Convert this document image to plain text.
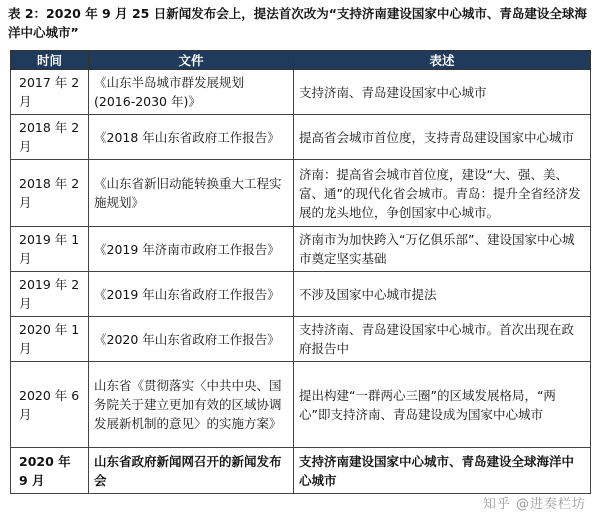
表 2：2020 年 9 月 25 日新闻发布会上，提法首次改为“支持济南建设国家中心城市、青岛建设全球海洋中心城市”
时间	文件	表述
2017 年 2 月	《山东半岛城市群发展规划 (2016-2030 年)》	支持济南、青岛建设国家中心城市
2018 年 2 月	《2018 年山东省政府工作报告》	提高省会城市首位度，支持青岛建设国家中心城市
2018 年 2 月	《山东省新旧动能转换重大工程实施规划》	济南：提高省会城市首位度，建设“大、强、美、富、通”的现代化省会城市。青岛：提升全省经济发展的龙头地位，争创国家中心城市。
2019 年 1 月	《2019 年济南市政府工作报告》	济南市为加快跨入“万亿俱乐部”、建设国家中心城市奠定坚实基础
2019 年 2 月	《2019 年山东省政府工作报告》	不涉及国家中心城市提法
2020 年 1 月	《2020 年山东省政府工作报告》	支持济南、青岛建设国家中心城市。首次出现在政府报告中
2020 年 6 月	山东省《贯彻落实〈中共中央、国务院关于建立更加有效的区域协调发展新机制的意见〉的实施方案》	提出构建“一群两心三圈”的区域发展格局，“两心”即支持济南、青岛建设成为国家中心城市
2020 年 9 月	山东省政府新闻网召开的新闻发布会	支持济南建设国家中心城市、青岛建设全球海洋中心城市
知乎 @进奏栏坊
